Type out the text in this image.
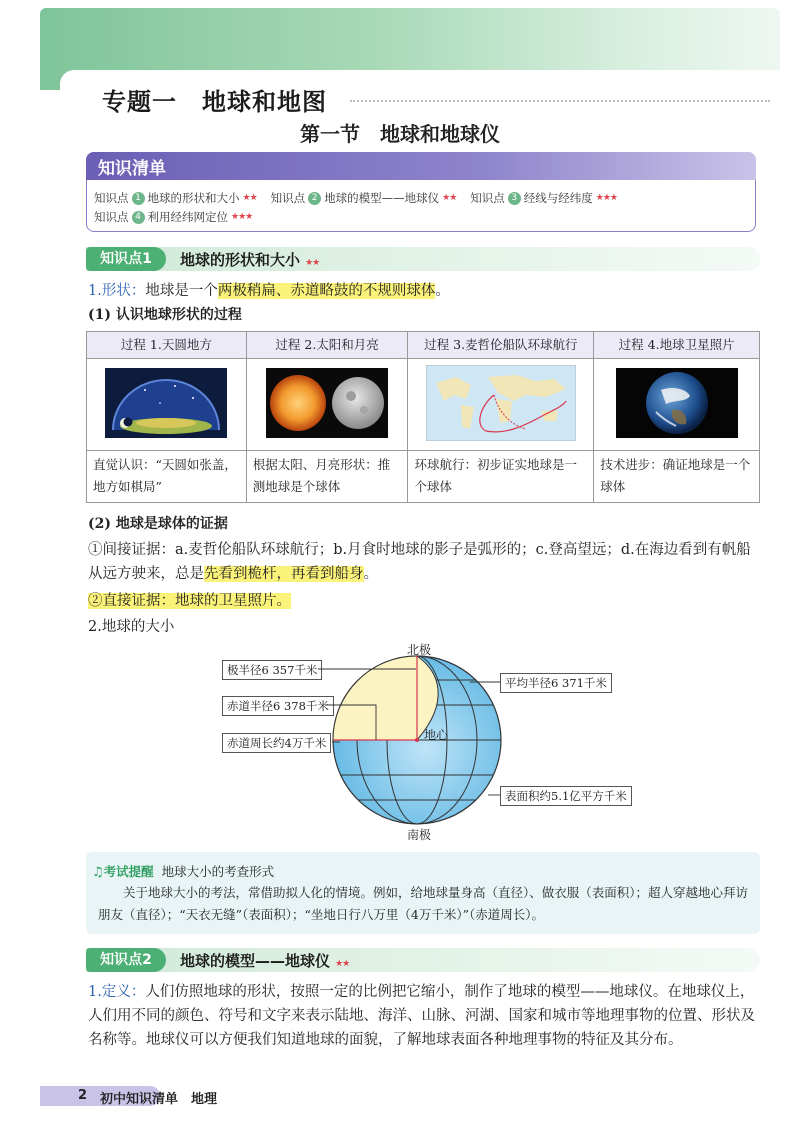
专题一　地球和地图
第一节　地球和地球仪
知识清单
知识点 1 地球的形状和大小 ★★ 知识点 2 地球的模型——地球仪 ★★ 知识点 3 经线与经纬度 ★★★
知识点 4 利用经纬网定位 ★★★
知识点1	地球的形状和大小 ★★
1.形状：地球是一个两极稍扁、赤道略鼓的不规则球体。
(1) 认识地球形状的过程
过程 1.天圆地方	过程 2.太阳和月亮	过程 3.麦哲伦船队环球航行	过程 4.地球卫星照片

直觉认识：“天圆如张盖，地方如棋局”	根据太阳、月亮形状：推测地球是个球体	环球航行：初步证实地球是一个球体	技术进步：确证地球是一个球体
(2) 地球是球体的证据
①间接证据：a.麦哲伦船队环球航行；b.月食时地球的影子是弧形的；c.登高望远；d.在海边看到有帆船从远方驶来，总是先看到桅杆，再看到船身。
②直接证据：地球的卫星照片。
2.地球的大小
北极
南极
地心
极半径6 357千米
赤道半径6 378千米
赤道周长约4万千米
平均半径6 371千米
表面积约5.1亿平方千米
♫考试提醒 地球大小的考查形式
关于地球大小的考法，常借助拟人化的情境。例如，给地球量身高（直径）、做衣服（表面积）；超人穿越地心拜访朋友（直径）；“天衣无缝”（表面积）；“坐地日行八万里（4万千米）”（赤道周长）。
知识点2	地球的模型——地球仪 ★★
1.定义：人们仿照地球的形状，按照一定的比例把它缩小，制作了地球的模型——地球仪。在地球仪上，人们用不同的颜色、符号和文字来表示陆地、海洋、山脉、河湖、国家和城市等地理事物的位置、形状及名称等。地球仪可以方便我们知道地球的面貌，了解地球表面各种地理事物的特征及其分布。
2 初中知识清单　地理
